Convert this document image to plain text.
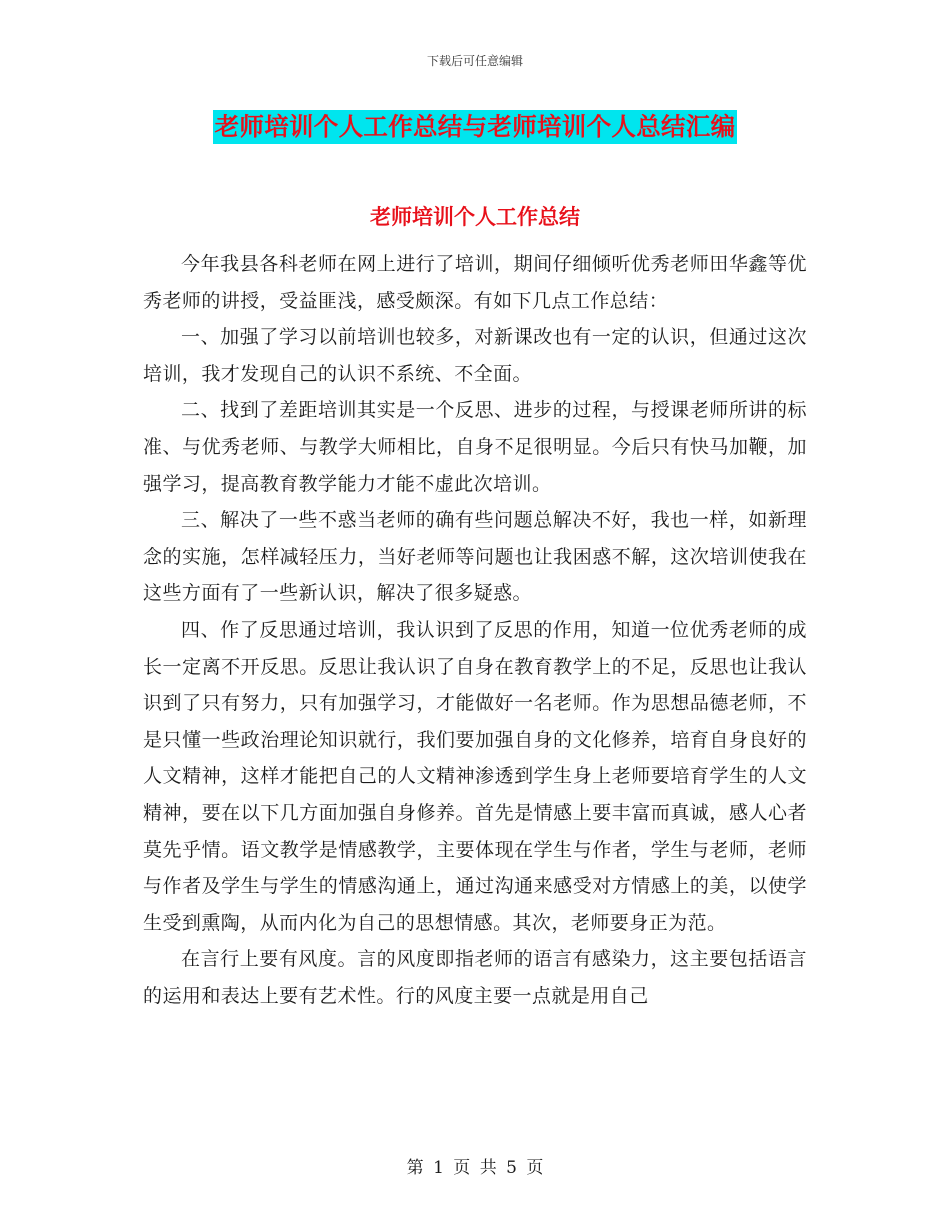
下载后可任意编辑
老师培训个人工作总结与老师培训个人总结汇编
老师培训个人工作总结

今年我县各科老师在网上进行了培训，期间仔细倾听优秀老师田华鑫等优秀老师的讲授，受益匪浅，感受颇深。有如下几点工作总结：

一、加强了学习以前培训也较多，对新课改也有一定的认识，但通过这次培训，我才发现自己的认识不系统、不全面。

二、找到了差距培训其实是一个反思、进步的过程，与授课老师所讲的标准、与优秀老师、与教学大师相比，自身不足很明显。今后只有快马加鞭，加强学习，提高教育教学能力才能不虚此次培训。

三、解决了一些不惑当老师的确有些问题总解决不好，我也一样，如新理念的实施，怎样减轻压力，当好老师等问题也让我困惑不解，这次培训使我在这些方面有了一些新认识，解决了很多疑惑。

四、作了反思通过培训，我认识到了反思的作用，知道一位优秀老师的成长一定离不开反思。反思让我认识了自身在教育教学上的不足，反思也让我认识到了只有努力，只有加强学习，才能做好一名老师。作为思想品德老师，不是只懂一些政治理论知识就行，我们要加强自身的文化修养，培育自身良好的人文精神，这样才能把自己的人文精神渗透到学生身上老师要培育学生的人文精神，要在以下几方面加强自身修养。首先是情感上要丰富而真诚，感人心者莫先乎情。语文教学是情感教学，主要体现在学生与作者，学生与老师，老师与作者及学生与学生的情感沟通上，通过沟通来感受对方情感上的美，以使学生受到熏陶，从而内化为自己的思想情感。其次，老师要身正为范。

在言行上要有风度。言的风度即指老师的语言有感染力，这主要包括语言的运用和表达上要有艺术性。行的风度主要一点就是用自己

第 1 页 共 5 页
